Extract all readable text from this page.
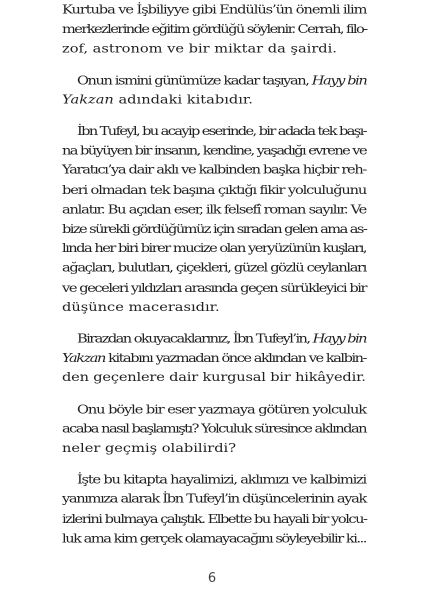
Kurtuba ve İşbiliyye gibi Endülüs’ün önemli ilim
merkezlerinde eğitim gördüğü söylenir. Cerrah, filo-
zof, astronom ve bir miktar da şairdi.

Onun ismini günümüze kadar taşıyan, Hayy bin
Yakzan adındaki kitabıdır.

İbn Tufeyl, bu acayip eserinde, bir adada tek başı-
na büyüyen bir insanın, kendine, yaşadığı evrene ve
Yaratıcı’ya dair aklı ve kalbinden başka hiçbir reh-
beri olmadan tek başına çıktığı fikir yolculuğunu
anlatır. Bu açıdan eser, ilk felsefî roman sayılır. Ve
bize sürekli gördüğümüz için sıradan gelen ama as-
lında her biri birer mucize olan yeryüzünün kuşları,
ağaçları, bulutları, çiçekleri, güzel gözlü ceylanları
ve geceleri yıldızları arasında geçen sürükleyici bir
düşünce macerasıdır.

Birazdan okuyacaklarınız, İbn Tufeyl’in, Hayy bin
Yakzan kitabını yazmadan önce aklından ve kalbin-
den geçenlere dair kurgusal bir hikâyedir.

Onu böyle bir eser yazmaya götüren yolculuk
acaba nasıl başlamıştı? Yolculuk süresince aklından
neler geçmiş olabilirdi?

İşte bu kitapta hayalimizi, aklımızı ve kalbimizi
yanımıza alarak İbn Tufeyl’in düşüncelerinin ayak
izlerini bulmaya çalıştık. Elbette bu hayali bir yolcu-
luk ama kim gerçek olamayacağını söyleyebilir ki...

6
